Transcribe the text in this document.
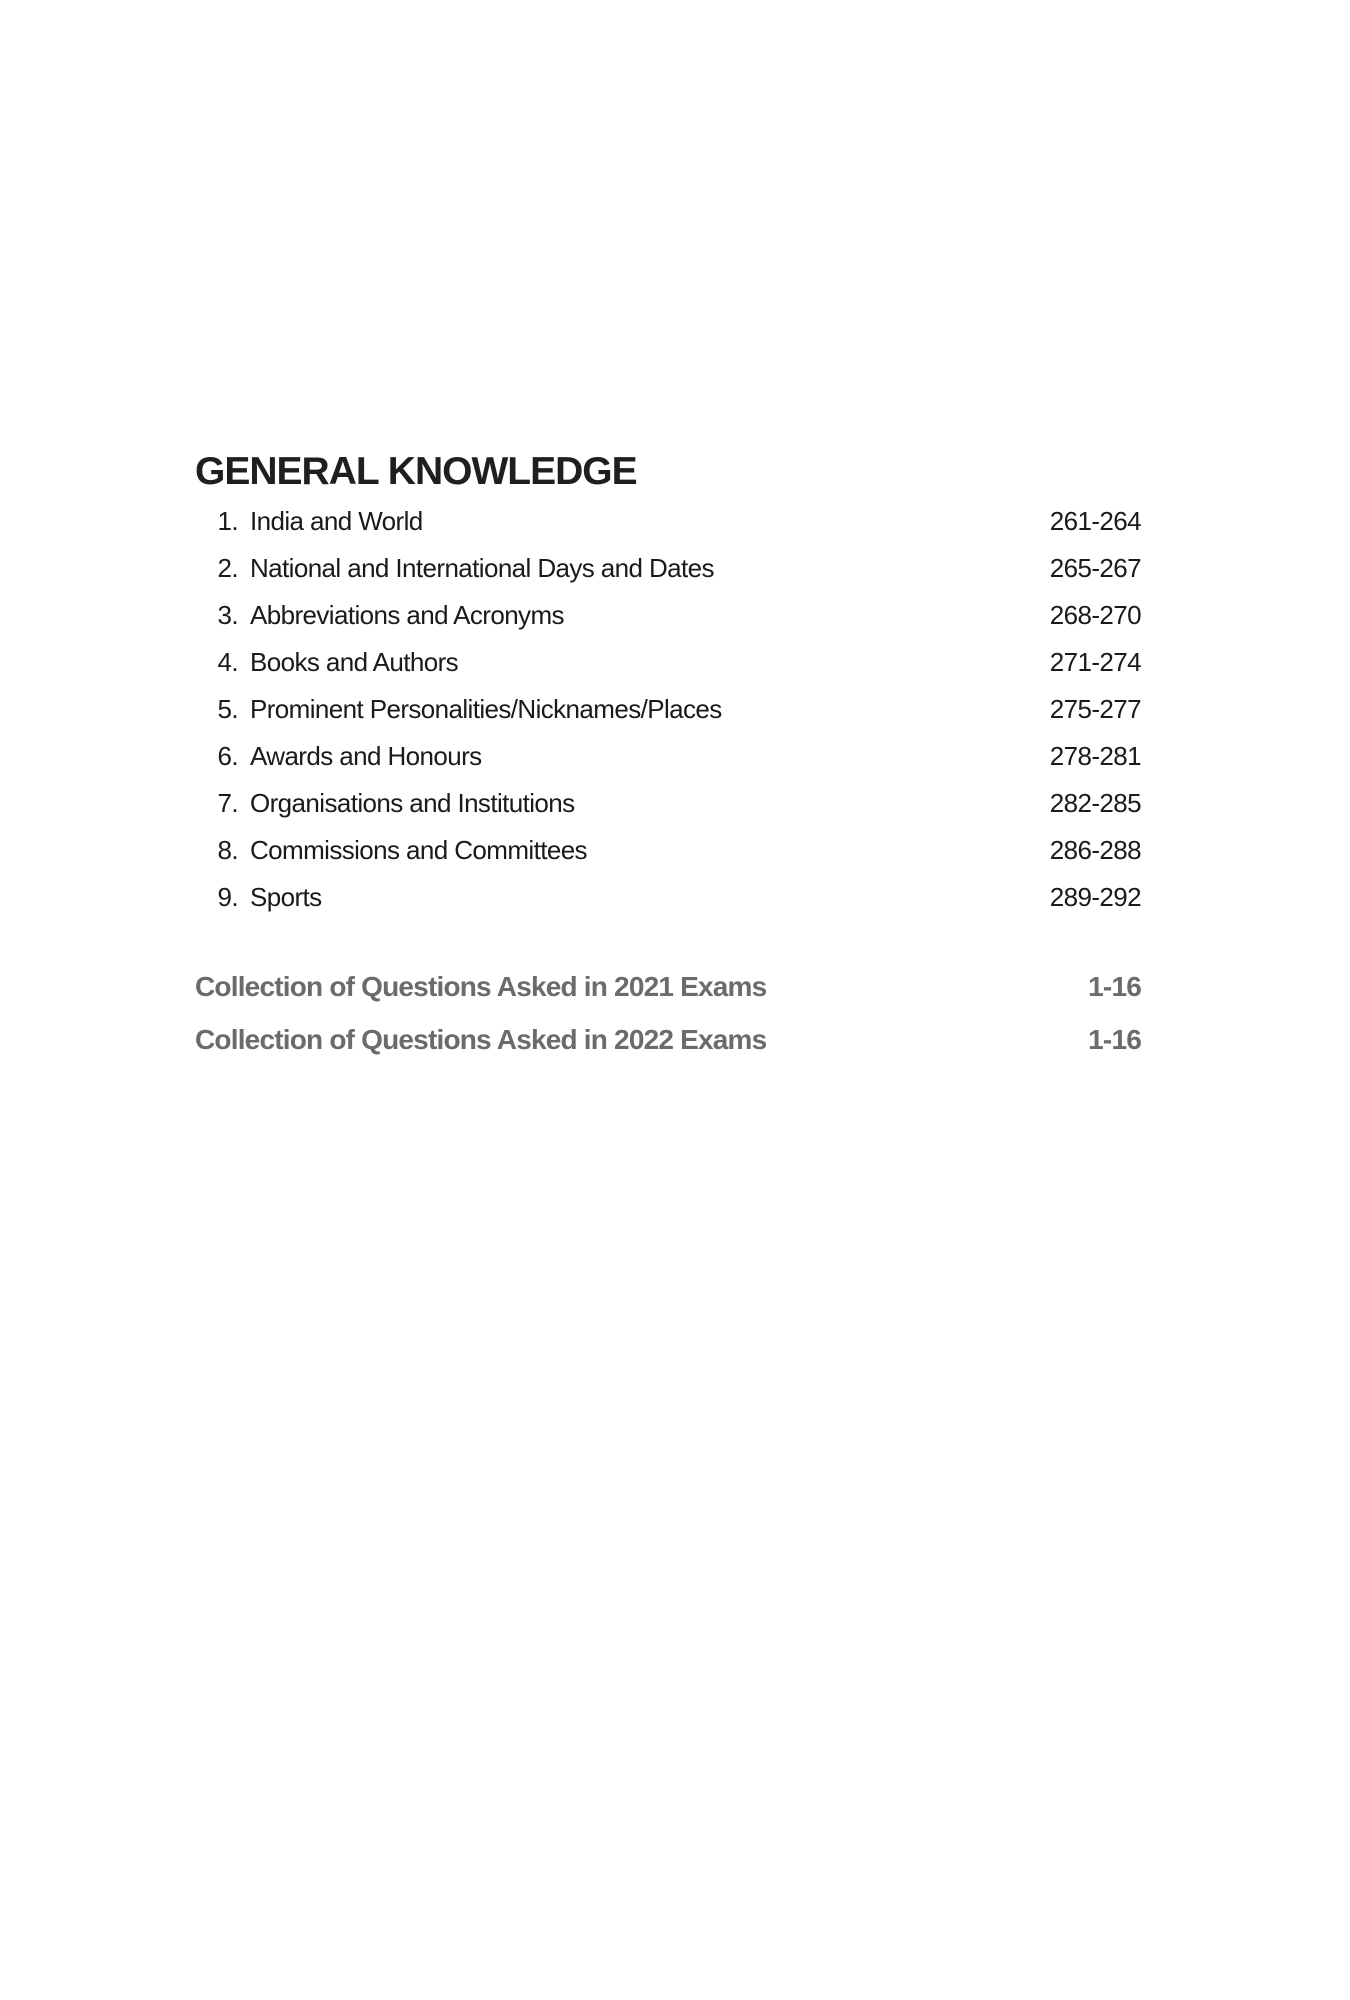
GENERAL KNOWLEDGE
1. India and World	261-264
2. National and International Days and Dates	265-267
3. Abbreviations and Acronyms	268-270
4. Books and Authors	271-274
5. Prominent Personalities/Nicknames/Places	275-277
6. Awards and Honours	278-281
7. Organisations and Institutions	282-285
8. Commissions and Committees	286-288
9. Sports	289-292
Collection of Questions Asked in 2021 Exams	1-16
Collection of Questions Asked in 2022 Exams	1-16
